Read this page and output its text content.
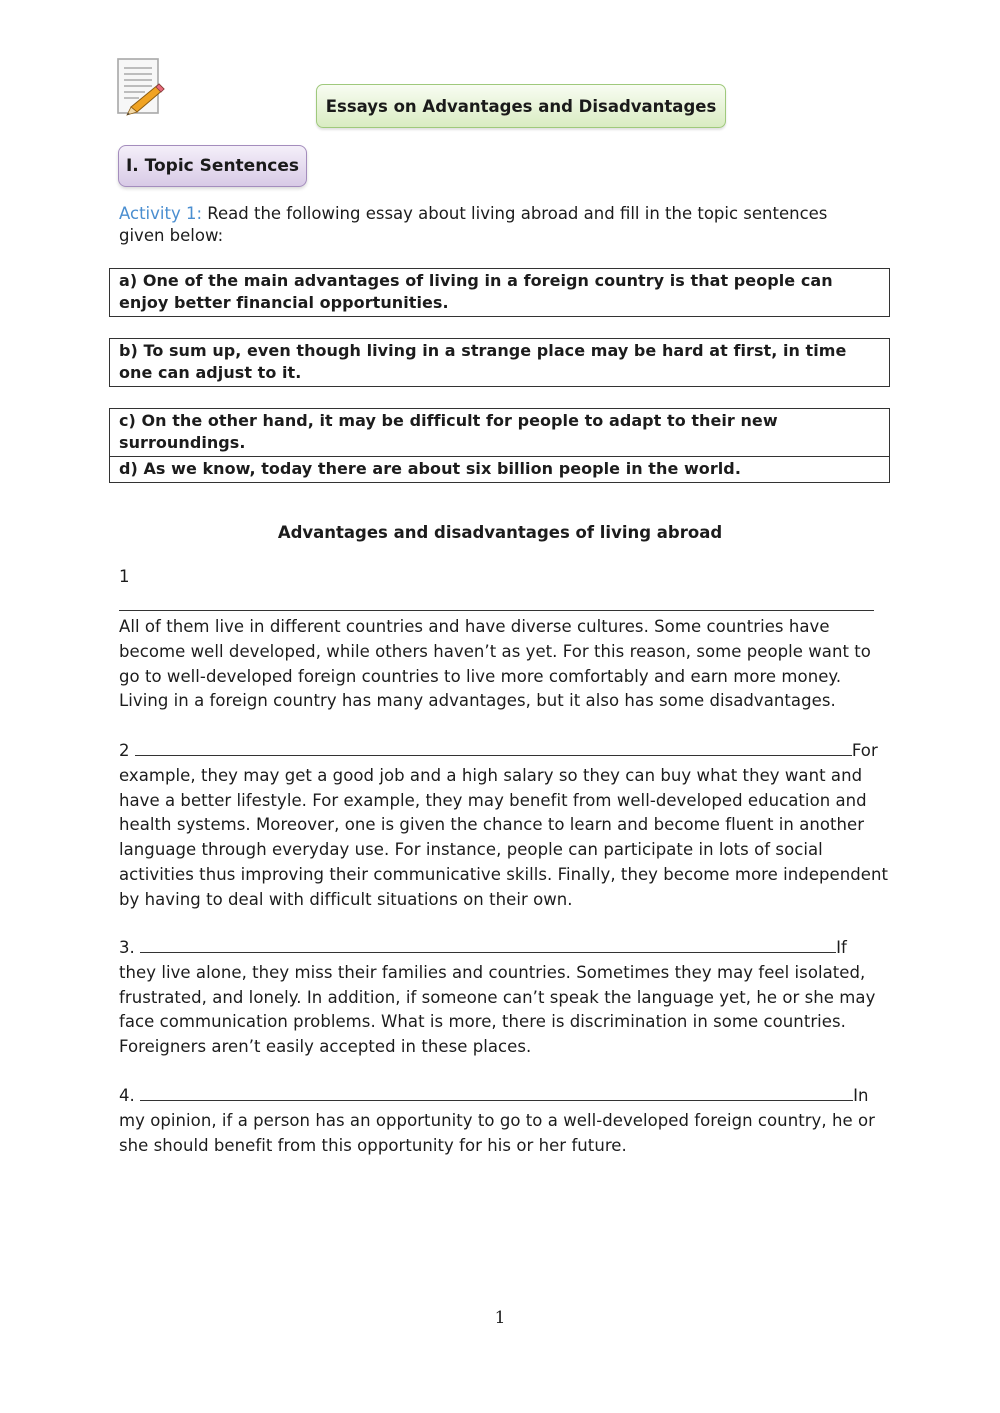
Essays on Advantages and Disadvantages
I. Topic Sentences
Activity 1: Read the following essay about living abroad and fill in the topic sentences given below:
a) One of the main advantages of living in a foreign country is that people can enjoy better financial opportunities.
b) To sum up, even though living in a strange place may be hard at first, in time one can adjust to it.
c) On the other hand, it may be difficult for people to adapt to their new surroundings.
d) As we know, today there are about six billion people in the world.
Advantages and disadvantages of living abroad
1
All of them live in different countries and have diverse cultures. Some countries have become well developed, while others haven’t as yet. For this reason, some people want to go to well-developed foreign countries to live more comfortably and earn more money. Living in a foreign country has many advantages, but it also has some disadvantages.
2	For
example, they may get a good job and a high salary so they can buy what they want and have a better lifestyle. For example, they may benefit from well-developed education and health systems. Moreover, one is given the chance to learn and become fluent in another language through everyday use. For instance, people can participate in lots of social activities thus improving their communicative skills. Finally, they become more independent by having to deal with difficult situations on their own.
3.	If
they live alone, they miss their families and countries. Sometimes they may feel isolated, frustrated, and lonely. In addition, if someone can’t speak the language yet, he or she may face communication problems. What is more, there is discrimination in some countries. Foreigners aren’t easily accepted in these places.
4.	In
my opinion, if a person has an opportunity to go to a well-developed foreign country, he or she should benefit from this opportunity for his or her future.
1
